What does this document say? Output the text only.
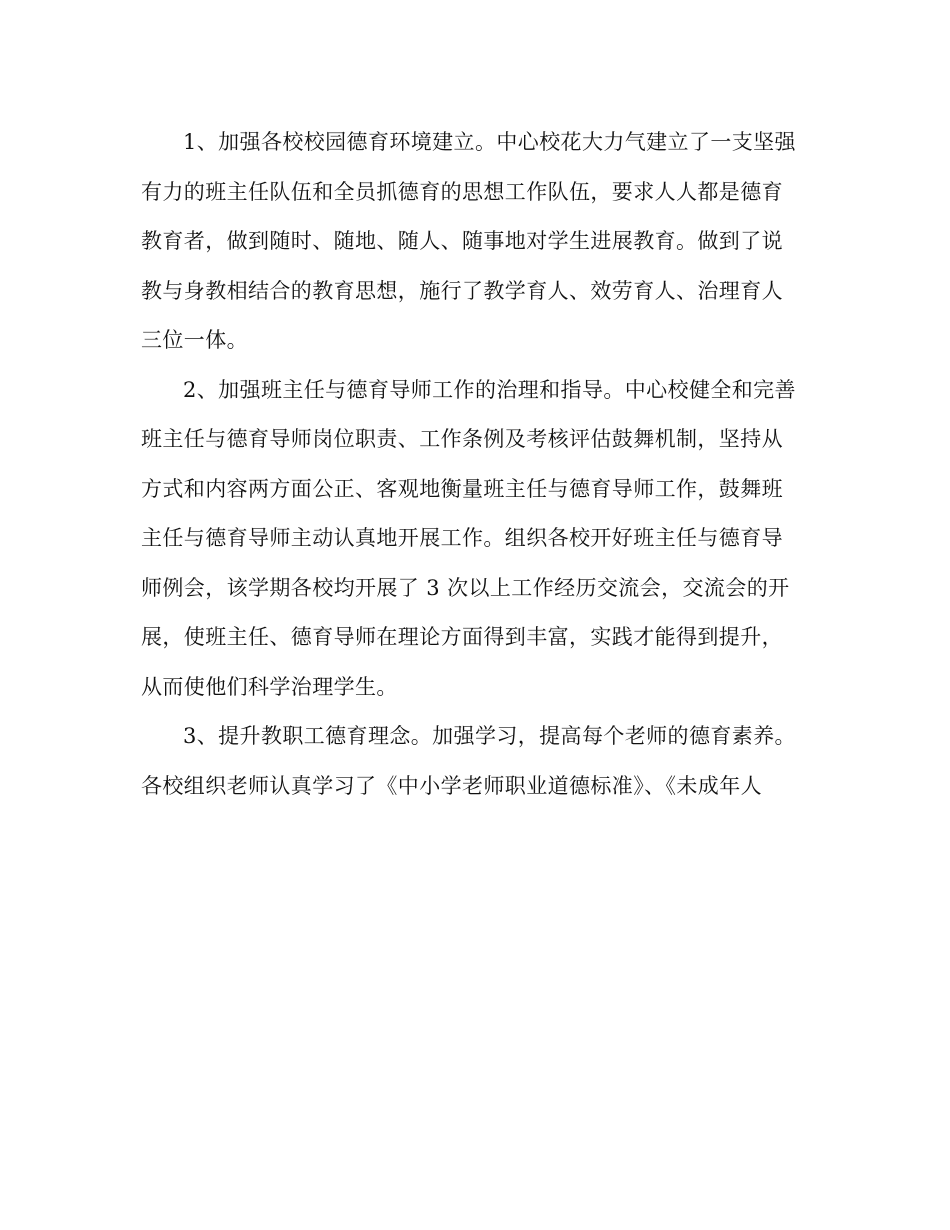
1、加强各校校园德育环境建立。中心校花大力气建立了一支坚强
有力的班主任队伍和全员抓德育的思想工作队伍，要求人人都是德育
教育者，做到随时、随地、随人、随事地对学生进展教育。做到了说
教与身教相结合的教育思想，施行了教学育人、效劳育人、治理育人
三位一体。
2、加强班主任与德育导师工作的治理和指导。中心校健全和完善
班主任与德育导师岗位职责、工作条例及考核评估鼓舞机制，坚持从
方式和内容两方面公正、客观地衡量班主任与德育导师工作，鼓舞班
主任与德育导师主动认真地开展工作。组织各校开好班主任与德育导
师例会，该学期各校均开展了 3 次以上工作经历交流会，交流会的开
展，使班主任、德育导师在理论方面得到丰富，实践才能得到提升，
从而使他们科学治理学生。
3、提升教职工德育理念。加强学习，提高每个老师的德育素养。
各校组织老师认真学习了《中小学老师职业道德标准》、《未成年人
